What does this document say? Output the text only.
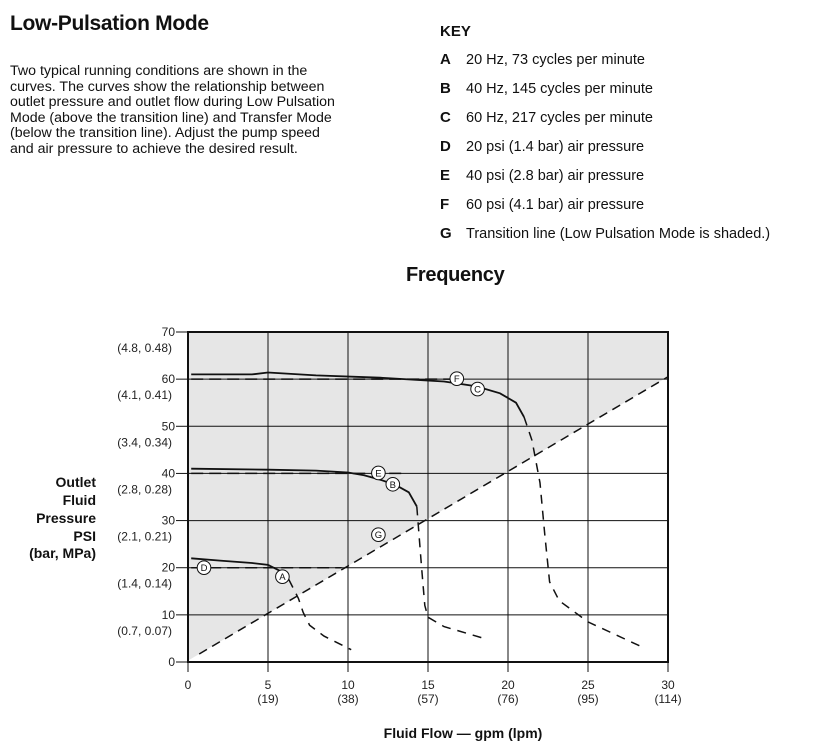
Low-Pulsation Mode
Two typical running conditions are shown in the
curves. The curves show the relationship between
outlet pressure and outlet flow during Low Pulsation
Mode (above the transition line) and Transfer Mode
(below the transition line). Adjust the pump speed
and air pressure to achieve the desired result.
KEY
A 20 Hz, 73 cycles per minute
B 40 Hz, 145 cycles per minute
C 60 Hz, 217 cycles per minute
D 20 psi (1.4 bar) air pressure
E 40 psi (2.8 bar) air pressure
F 60 psi (4.1 bar) air pressure
G Transition line (Low Pulsation Mode is shaded.)
Frequency
0
10
(0.7, 0.07)
20
(1.4, 0.14)
30
(2.1, 0.21)
40
(2.8, 0.28)
50
(3.4, 0.34)
60
(4.1, 0.41)
70
(4.8, 0.48)
0	5
(19)
10
(38)
15
(57)
20
(76)
25
(95)
30
(114)
Outlet
Fluid
Pressure
PSI
(bar, MPa)
Fluid Flow — gpm (lpm)
A
B
C
D
E
F
G
